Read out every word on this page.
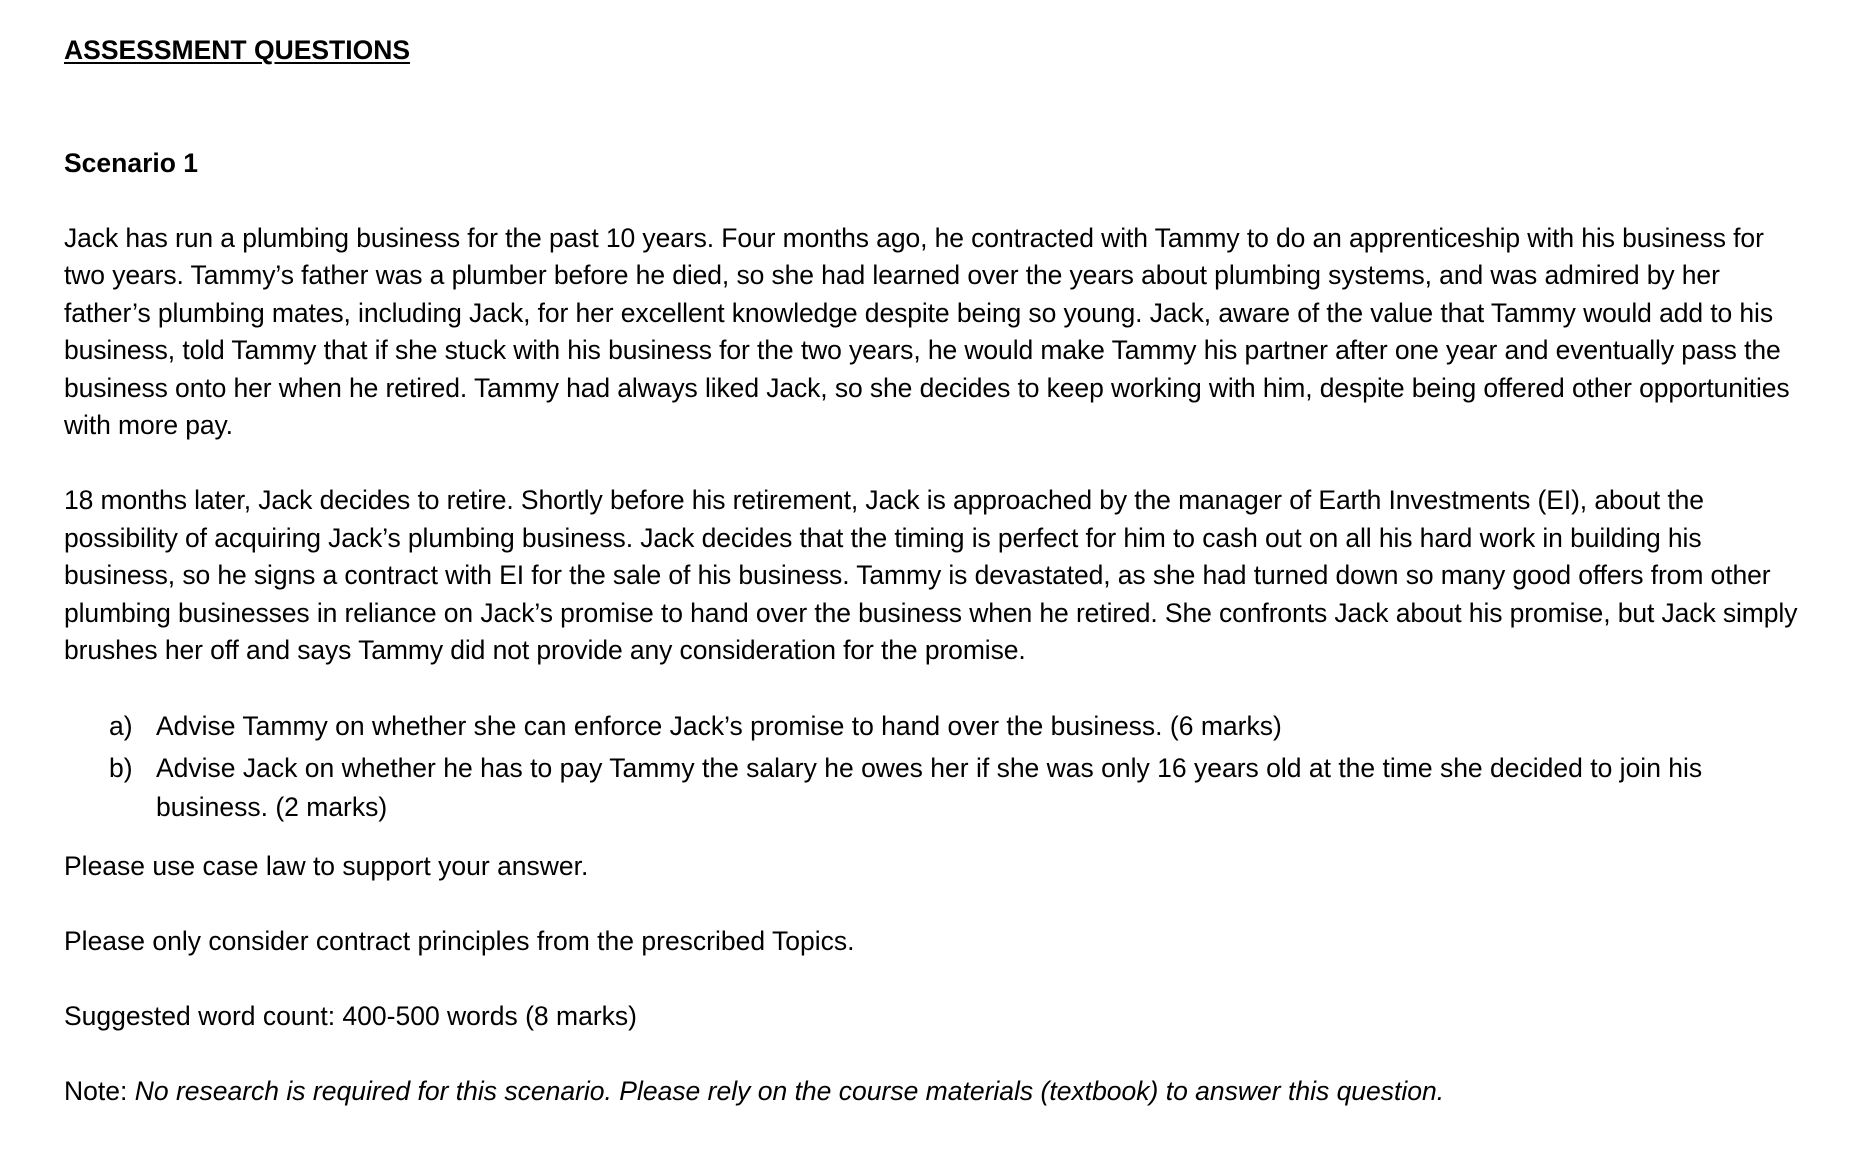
ASSESSMENT QUESTIONS

Scenario 1

Jack has run a plumbing business for the past 10 years. Four months ago, he contracted with Tammy to do an apprenticeship with his business for two years. Tammy’s father was a plumber before he died, so she had learned over the years about plumbing systems, and was admired by her father’s plumbing mates, including Jack, for her excellent knowledge despite being so young. Jack, aware of the value that Tammy would add to his business, told Tammy that if she stuck with his business for the two years, he would make Tammy his partner after one year and eventually pass the business onto her when he retired. Tammy had always liked Jack, so she decides to keep working with him, despite being offered other opportunities with more pay.

18 months later, Jack decides to retire. Shortly before his retirement, Jack is approached by the manager of Earth Investments (EI), about the possibility of acquiring Jack’s plumbing business. Jack decides that the timing is perfect for him to cash out on all his hard work in building his business, so he signs a contract with EI for the sale of his business. Tammy is devastated, as she had turned down so many good offers from other plumbing businesses in reliance on Jack’s promise to hand over the business when he retired. She confronts Jack about his promise, but Jack simply brushes her off and says Tammy did not provide any consideration for the promise.

a) Advise Tammy on whether she can enforce Jack’s promise to hand over the business. (6 marks)
b) Advise Jack on whether he has to pay Tammy the salary he owes her if she was only 16 years old at the time she decided to join his business. (2 marks)

Please use case law to support your answer.

Please only consider contract principles from the prescribed Topics.

Suggested word count: 400-500 words (8 marks)

Note: No research is required for this scenario. Please rely on the course materials (textbook) to answer this question.
